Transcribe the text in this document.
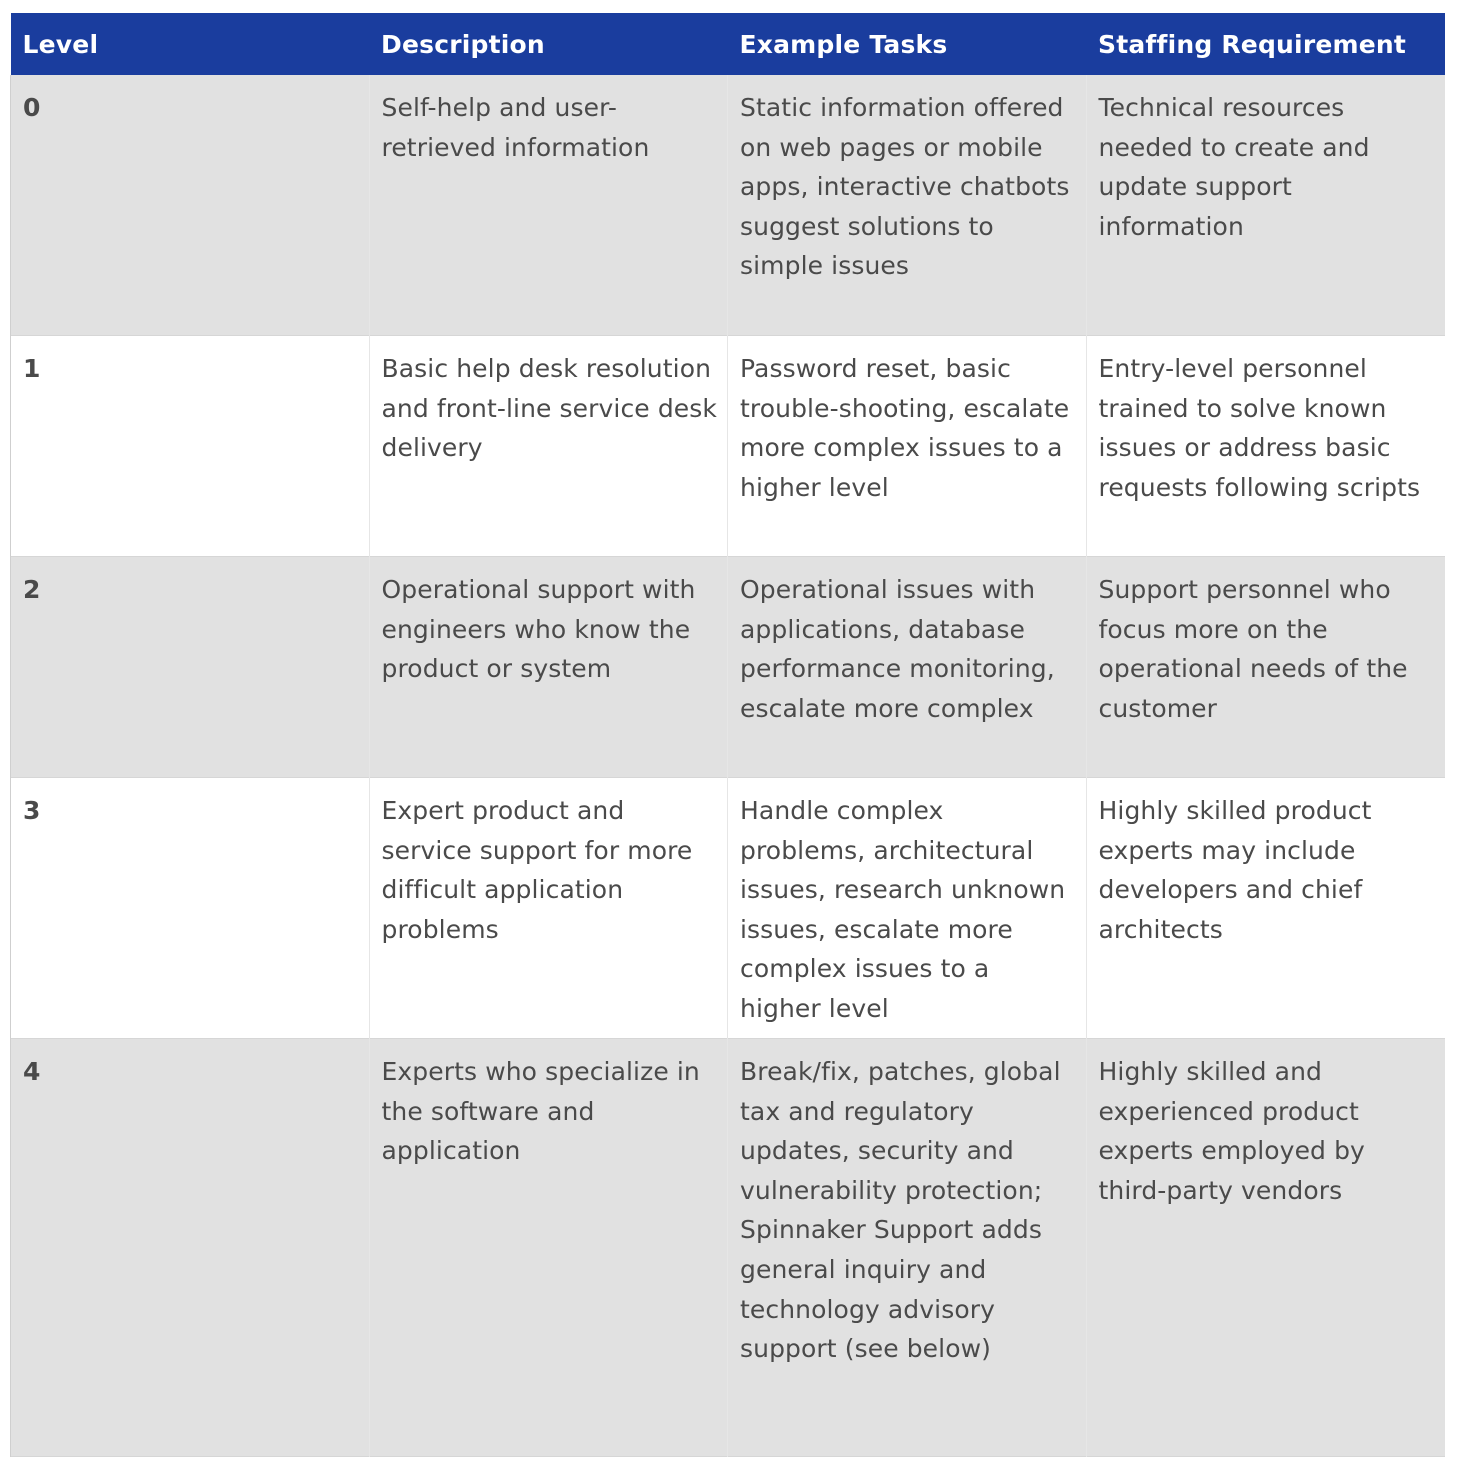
Level	Description	Example Tasks	Staffing Requirement
0	Self-help and user-retrieved information	Static information offered on web pages or mobile apps, interactive chatbots suggest solutions to simple issues	Technical resources needed to create and update support information
1	Basic help desk resolution and front-line service desk delivery	Password reset, basic trouble-shooting, escalate more complex issues to a higher level	Entry-level personnel trained to solve known issues or address basic requests following scripts
2	Operational support with engineers who know the product or system	Operational issues with applications, database performance monitoring, escalate more complex	Support personnel who focus more on the operational needs of the customer
3	Expert product and service support for more difficult application problems	Handle complex problems, architectural issues, research unknown issues, escalate more complex issues to a higher level	Highly skilled product experts may include developers and chief architects
4	Experts who specialize in the software and application	Break/fix, patches, global tax and regulatory updates, security and vulnerability protection; Spinnaker Support adds general inquiry and technology advisory support (see below)	Highly skilled and experienced product experts employed by third-party vendors
